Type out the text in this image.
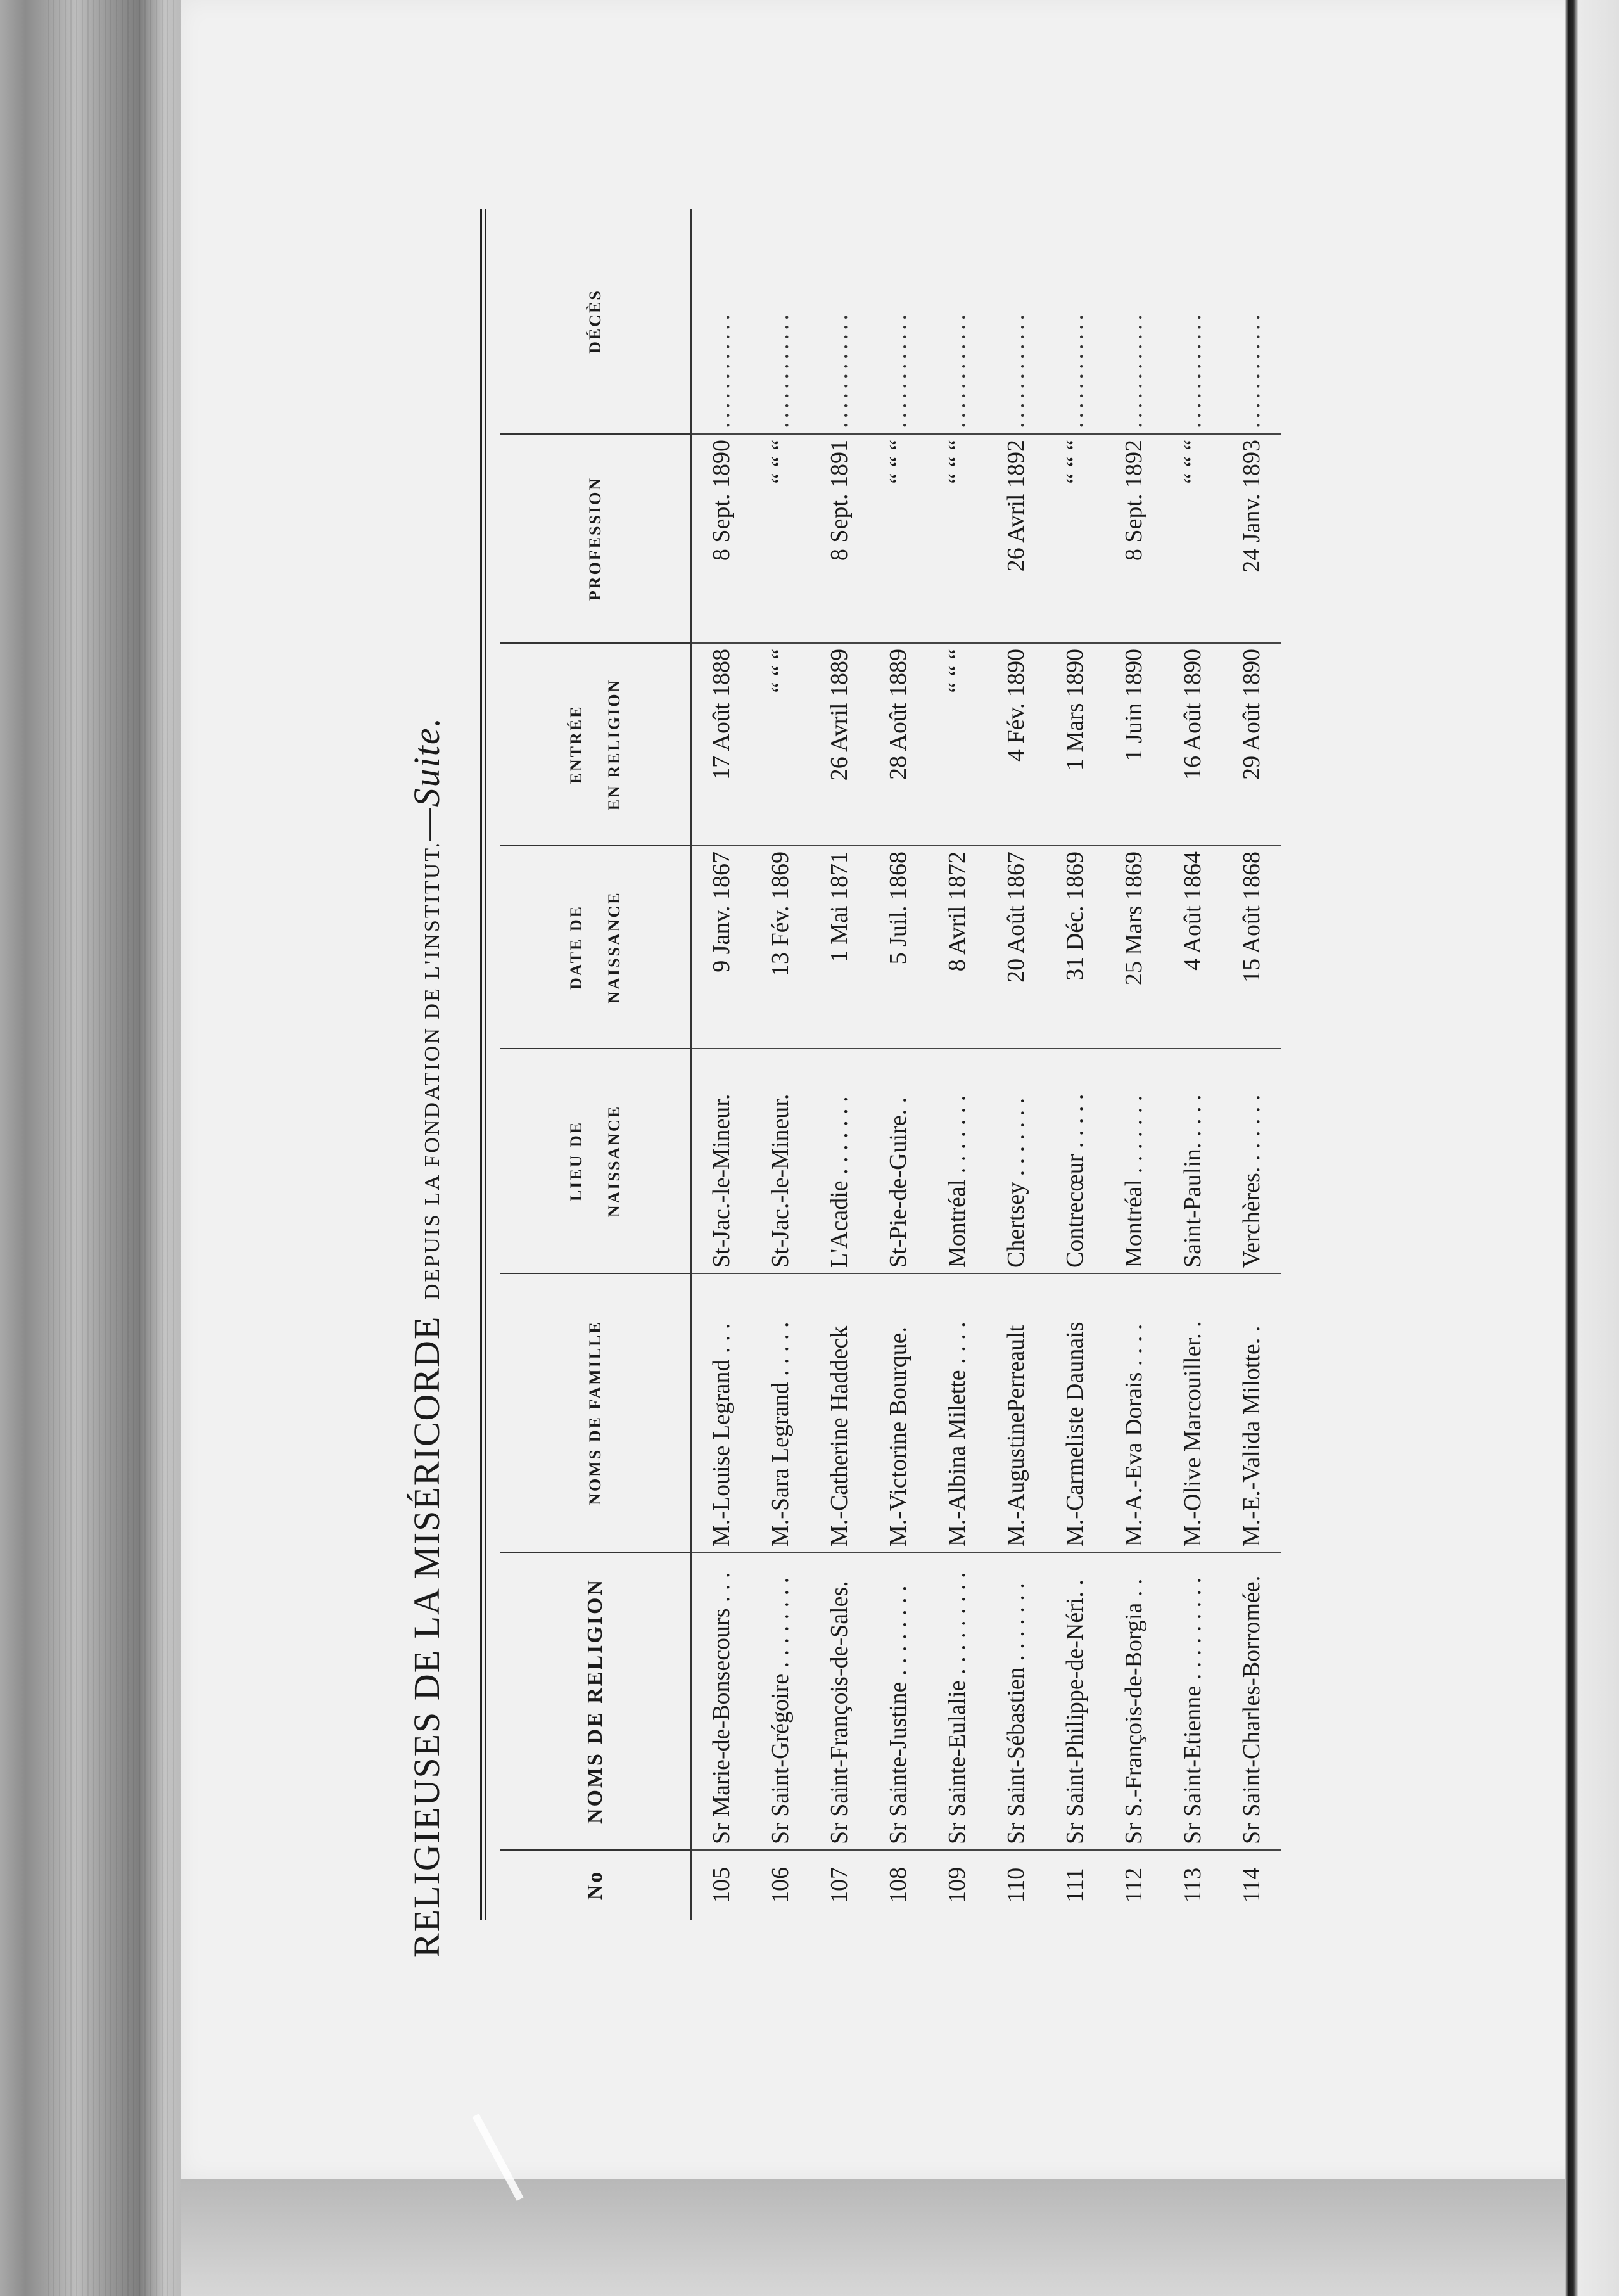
RELIGIEUSES DE LA MISÉRICORDE DEPUIS LA FONDATION DE L'INSTITUT.—Suite.
No	NOMS DE RELIGION	NOMS DE FAMILLE	LIEU DE NAISSANCE	DATE DE NAISSANCE	ENTRÉE EN RELIGION	PROFESSION	DÉCÈS
105	Sr Marie-de-Bonsecours . . .	M.-Louise Legrand . . .	St-Jac.-le-Mineur.	9 Janv. 1867	17 Août 1888	8 Sept. 1890	............
106	Sr Saint-Grégoire . . . . . . . .	M.-Sara Legrand . . . . .	St-Jac.-le-Mineur.	13 Fév. 1869	“ “ “	“ “ “	............
107	Sr Saint-François-de-Sales.	M.-Catherine Haddeck	L'Acadie . . . . . . .	1 Mai 1871	26 Avril 1889	8 Sept. 1891	............
108	Sr Sainte-Justine . . . . . . . .	M.-Victorine Bourque.	St-Pie-de-Guire. .	5 Juil. 1868	28 Août 1889	“ “ “	............
109	Sr Sainte-Eulalie . . . . . . . . .	M.-Albina Milette . . . .	Montréal . . . . . . .	8 Avril 1872	“ “ “	“ “ “	............
110	Sr Saint-Sébastien . . . . . . .	M.-AugustinePerreault	Chertsey . . . . . . .	20 Août 1867	4 Fév. 1890	26 Avril 1892	............
111	Sr Saint-Philippe-de-Néri. .	M.-Carmeliste Daunais	Contrecœur . . . . .	31 Déc. 1869	1 Mars 1890	“ “ “	............
112	Sr S.-François-de-Borgia . .	M.-A.-Eva Dorais . . . .	Montréal . . . . . . .	25 Mars 1869	1 Juin 1890	8 Sept. 1892	............
113	Sr Saint-Etienne . . . . . . . . .	M.-Olive Marcouiller. .	Saint-Paulin. . . . .	4 Août 1864	16 Août 1890	“ “ “	............
114	Sr Saint-Charles-Borromée.	M.-E.-Valida Milotte. .	Verchères. . . . . . .	15 Août 1868	29 Août 1890	24 Janv. 1893	............
